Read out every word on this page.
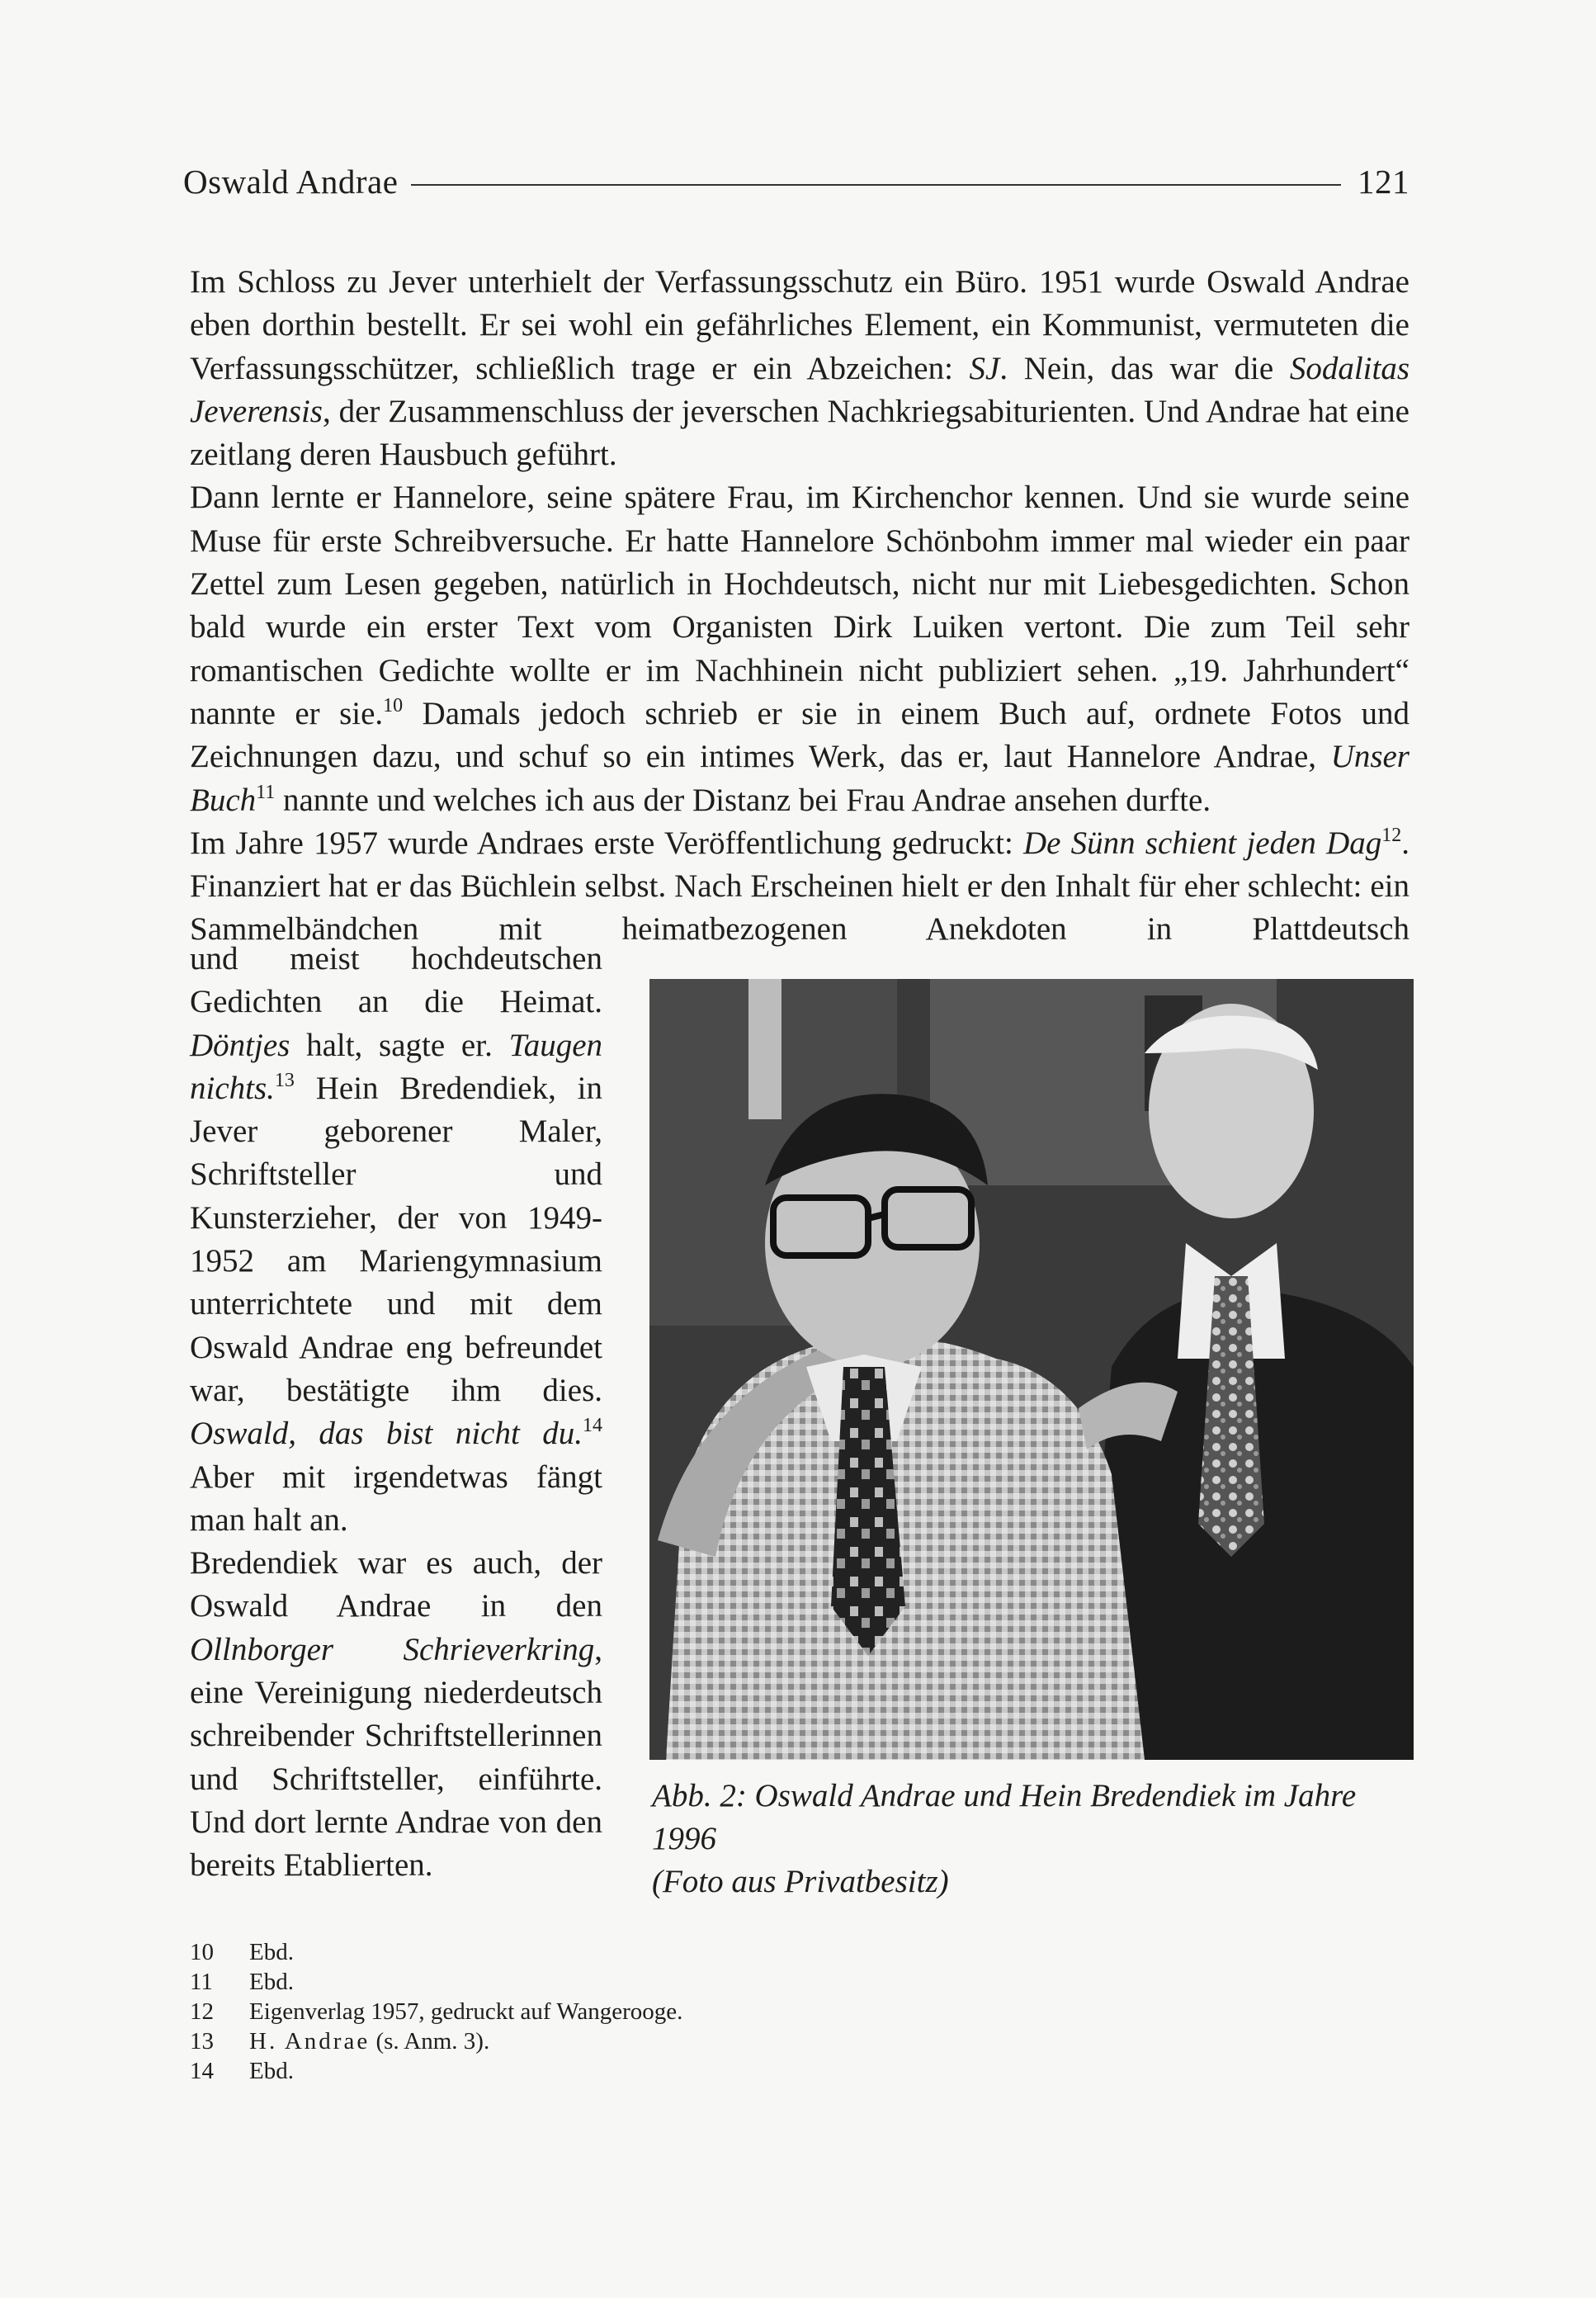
Oswald Andrae	121

Im Schloss zu Jever unterhielt der Verfassungsschutz ein Büro. 1951 wurde Oswald Andrae eben dorthin bestellt. Er sei wohl ein gefährliches Element, ein Kommunist, vermuteten die Verfassungsschützer, schließlich trage er ein Abzeichen: SJ. Nein, das war die Sodalitas Jeverensis, der Zusammenschluss der jeverschen Nachkriegsabiturienten. Und Andrae hat eine zeitlang deren Hausbuch geführt.

Dann lernte er Hannelore, seine spätere Frau, im Kirchenchor kennen. Und sie wurde seine Muse für erste Schreibversuche. Er hatte Hannelore Schönbohm immer mal wieder ein paar Zettel zum Lesen gegeben, natürlich in Hochdeutsch, nicht nur mit Liebesgedichten. Schon bald wurde ein erster Text vom Organisten Dirk Luiken vertont. Die zum Teil sehr romantischen Gedichte wollte er im Nachhinein nicht publiziert sehen. „19. Jahrhundert“ nannte er sie.$^{10}$ Damals jedoch schrieb er sie in einem Buch auf, ordnete Fotos und Zeichnungen dazu, und schuf so ein intimes Werk, das er, laut Hannelore Andrae, Unser Buch$^{11}$ nannte und welches ich aus der Distanz bei Frau Andrae ansehen durfte.

Im Jahre 1957 wurde Andraes erste Veröffentlichung gedruckt: De Sünn schient jeden Dag$^{12}$. Finanziert hat er das Büchlein selbst. Nach Erscheinen hielt er den Inhalt für eher schlecht: ein Sammelbändchen mit heimatbezogenen Anekdoten in Plattdeutsch

und meist hochdeutschen Gedichten an die Heimat. Döntjes halt, sagte er. Taugen nichts.$^{13}$ Hein Bredendiek, in Jever geborener Maler, Schriftsteller und Kunsterzieher, der von 1949-1952 am Mariengymnasium unterrichtete und mit dem Oswald Andrae eng befreundet war, bestätigte ihm dies. Oswald, das bist nicht du.$^{14}$ Aber mit irgendetwas fängt man halt an.

Bredendiek war es auch, der Oswald Andrae in den Ollnborger Schrieverkring, eine Vereinigung niederdeutsch schreibender Schriftstellerinnen und Schriftsteller, einführte. Und dort lernte Andrae von den bereits Etablierten.

Abb. 2: Oswald Andrae und Hein Bredendiek im Jahre 1996
(Foto aus Privatbesitz)
10	Ebd.
11	Ebd.
12	Eigenverlag 1957, gedruckt auf Wangerooge.
13	H. Andrae (s. Anm. 3).
14	Ebd.
